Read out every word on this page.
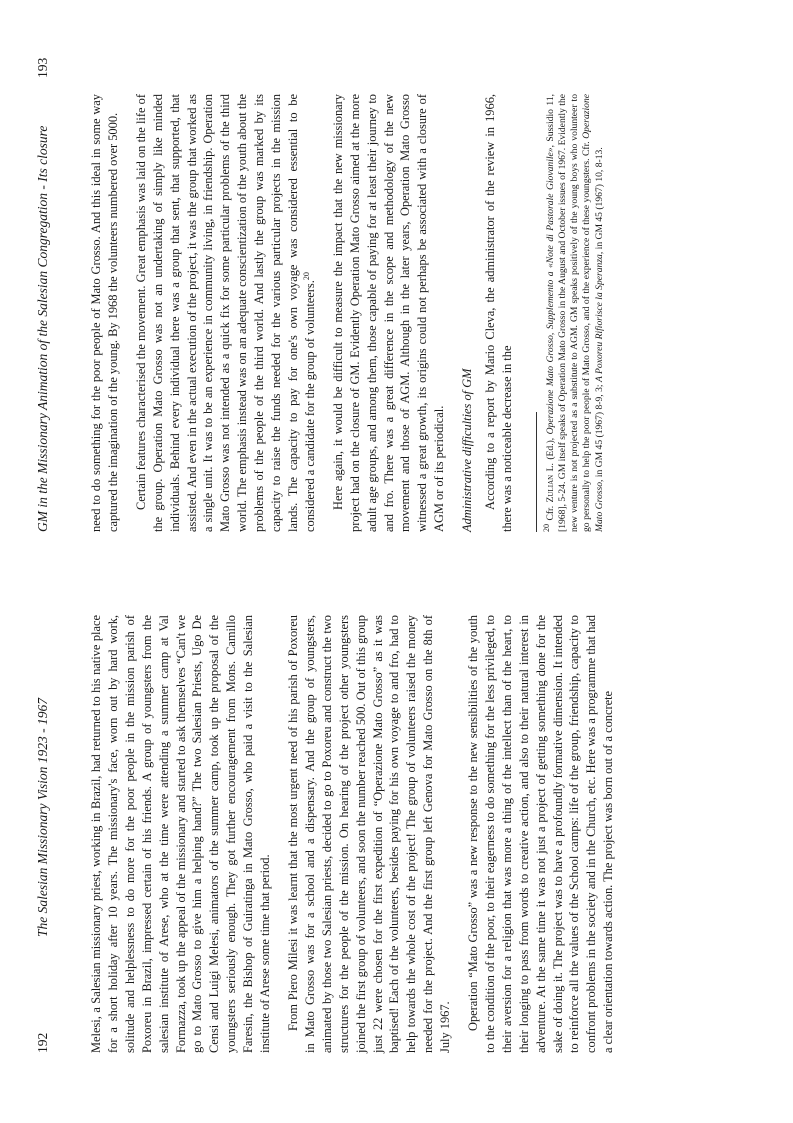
192
The Salesian Missionary Vision 1923 - 1967	Melesi, a Salesian missionary priest, working in Brazil, had returned to his native place for a short holiday after 10 years. The missionary's face, worn out by hard work, solitude and helplessness to do more for the poor people in the mission parish of Poxoreu in Brazil, impressed certain of his friends. A group of youngsters from the salesian institute of Arese, who at the time were attending a summer camp at Val Formazza, took up the appeal of the missionary and started to ask themselves “Can't we go to Mato Grosso to give him a helping hand?” The two Salesian Priests, Ugo De Censi and Luigi Melesi, animators of the summer camp, took up the proposal of the youngsters seriously enough. They got further encouragement from Mons. Camillo Faresin, the Bishop of Guiratinga in Mato Grosso, who paid a visit to the Salesian institute of Arese some time that period. From Piero Milesi it was learnt that the most urgent need of his parish of Poxoreu in Mato Grosso was for a school and a dispensary. And the group of youngsters, animated by those two Salesian priests, decided to go to Poxoreu and construct the two structures for the people of the mission. On hearing of the project other youngsters joined the first group of volunteers, and soon the number reached 500. Out of this group just 22 were chosen for the first expedition of “Operazione Mato Grosso” as it was baptised! Each of the volunteers, besides paying for his own voyage to and fro, had to help towards the whole cost of the project! The group of volunteers raised the money needed for the project. And the first group left Genova for Mato Grosso on the 8th of July 1967. Operation “Mato Grosso” was a new response to the new sensibilities of the youth to the condition of the poor, to their eagerness to do something for the less privileged, to their aversion for a religion that was more a thing of the intellect than of the heart, to their longing to pass from words to creative action, and also to their natural interest in adventure. At the same time it was not just a project of getting something done for the sake of doing it. The project was to have a profoundly formative dimension. It intended to reinforce all the values of the School camps: life of the group, friendship, capacity to confront problems in the society and in the Church, etc. Here was a programme that had a clear orientation towards action. The project was born out of a concrete

GM in the Missionary Animation of the Salesian Congregation - Its closure
193

need to do something for the poor people of Mato Grosso. And this ideal in some way captured the imagination of the young. By 1968 the volunteers numbered over 5000. Certain features characterised the movement. Great emphasis was laid on the life of the group. Operation Mato Grosso was not an undertaking of simply like minded individuals. Behind every individual there was a group that sent, that supported, that assisted. And even in the actual execution of the project, it was the group that worked as a single unit. It was to be an experience in community living, in friendship. Operation Mato Grosso was not intended as a quick fix for some particular problems of the third world. The emphasis instead was on an adequate conscientization of the youth about the problems of the people of the third world. And lastly the group was marked by its capacity to raise the funds needed for the various particular projects in the mission lands. The capacity to pay for one's own voyage was considered essential to be considered a candidate for the group of volunteers.$^{20}$	Here again, it would be difficult to measure the impact that the new missionary project had on the closure of GM. Evidently Operation Mato Grosso aimed at the more adult age groups, and among them, those capable of paying for at least their journey to and fro. There was a great difference in the scope and methodology of the new movement and those of AGM. Although in the later years, Operation Mato Grosso witnessed a great growth, its origins could not perhaps be associated with a closure of AGM or of its periodical. Administrative difficulties of GM According to a report by Mario Cleva, the administrator of the review in 1966, there was a noticeable decrease in the	$^{20}$ Cfr. Zulian L. (Ed.), Operazione Mato Grosso, Supplemento a «Note di Pastorale Giovanile», Sussidio 11, [1968], 5-24. GM itself speaks of Operation Mato Grosso in the August and October issues of 1967. Evidently the new venture is not projected as a substitute to AGM. GM speaks positively of the young boys who volunteer to go personally to help the poor people of Mato Grosso, and of the experience of these youngsters. Cfr. Operazione Mato Grosso, in GM 45 (1967) 8-9, 3; A Poxoreu Rifiorisce la Speranza, in GM 45 (1967) 10, 8-13.
